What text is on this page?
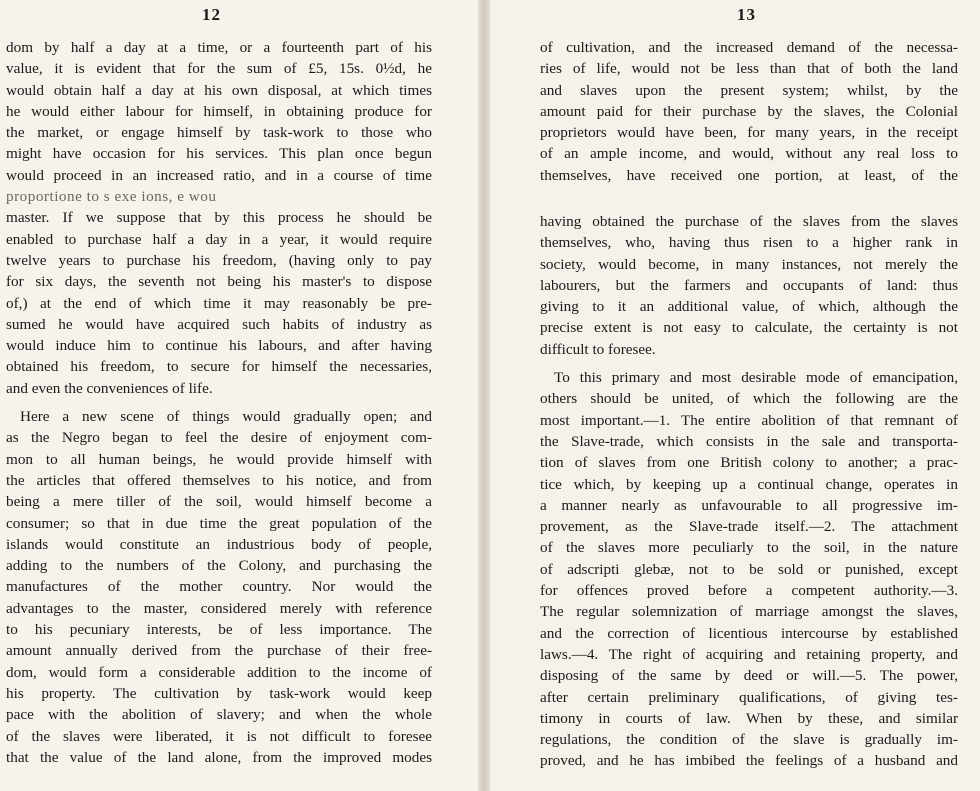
12
dom by half a day at a time, or a fourteenth part of his
value, it is evident that for the sum of £5, 15s. 0½d, he
would obtain half a day at his own disposal, at which times
he would either labour for himself, in obtaining produce for
the market, or engage himself by task-work to those who
might have occasion for his services. This plan once begun
would proceed in an increased ratio, and in a course of time
proportione to s exe ions, e wou
master. If we suppose that by this process he should be
enabled to purchase half a day in a year, it would require
twelve years to purchase his freedom, (having only to pay
for six days, the seventh not being his master's to dispose
of,) at the end of which time it may reasonably be pre-
sumed he would have acquired such habits of industry as
would induce him to continue his labours, and after having
obtained his freedom, to secure for himself the necessaries,
and even the conveniences of life.
Here a new scene of things would gradually open; and
as the Negro began to feel the desire of enjoyment com-
mon to all human beings, he would provide himself with
the articles that offered themselves to his notice, and from
being a mere tiller of the soil, would himself become a
consumer; so that in due time the great population of the
islands would constitute an industrious body of people,
adding to the numbers of the Colony, and purchasing the
manufactures of the mother country. Nor would the
advantages to the master, considered merely with reference
to his pecuniary interests, be of less importance. The
amount annually derived from the purchase of their free-
dom, would form a considerable addition to the income of
his property. The cultivation by task-work would keep
pace with the abolition of slavery; and when the whole
of the slaves were liberated, it is not difficult to foresee
that the value of the land alone, from the improved modes
13
of cultivation, and the increased demand of the necessa-
ries of life, would not be less than that of both the land
and slaves upon the present system; whilst, by the
amount paid for their purchase by the slaves, the Colonial
proprietors would have been, for many years, in the receipt
of an ample income, and would, without any real loss to
themselves, have received one portion, at least, of the
having obtained the purchase of the slaves from the slaves
themselves, who, having thus risen to a higher rank in
society, would become, in many instances, not merely the
labourers, but the farmers and occupants of land: thus
giving to it an additional value, of which, although the
precise extent is not easy to calculate, the certainty is not
difficult to foresee.
To this primary and most desirable mode of emancipation,
others should be united, of which the following are the
most important.—1. The entire abolition of that remnant of
the Slave-trade, which consists in the sale and transporta-
tion of slaves from one British colony to another; a prac-
tice which, by keeping up a continual change, operates in
a manner nearly as unfavourable to all progressive im-
provement, as the Slave-trade itself.—2. The attachment
of the slaves more peculiarly to the soil, in the nature
of adscripti glebæ, not to be sold or punished, except
for offences proved before a competent authority.—3.
The regular solemnization of marriage amongst the slaves,
and the correction of licentious intercourse by established
laws.—4. The right of acquiring and retaining property, and
disposing of the same by deed or will.—5. The power,
after certain preliminary qualifications, of giving tes-
timony in courts of law. When by these, and similar
regulations, the condition of the slave is gradually im-
proved, and he has imbibed the feelings of a husband and
